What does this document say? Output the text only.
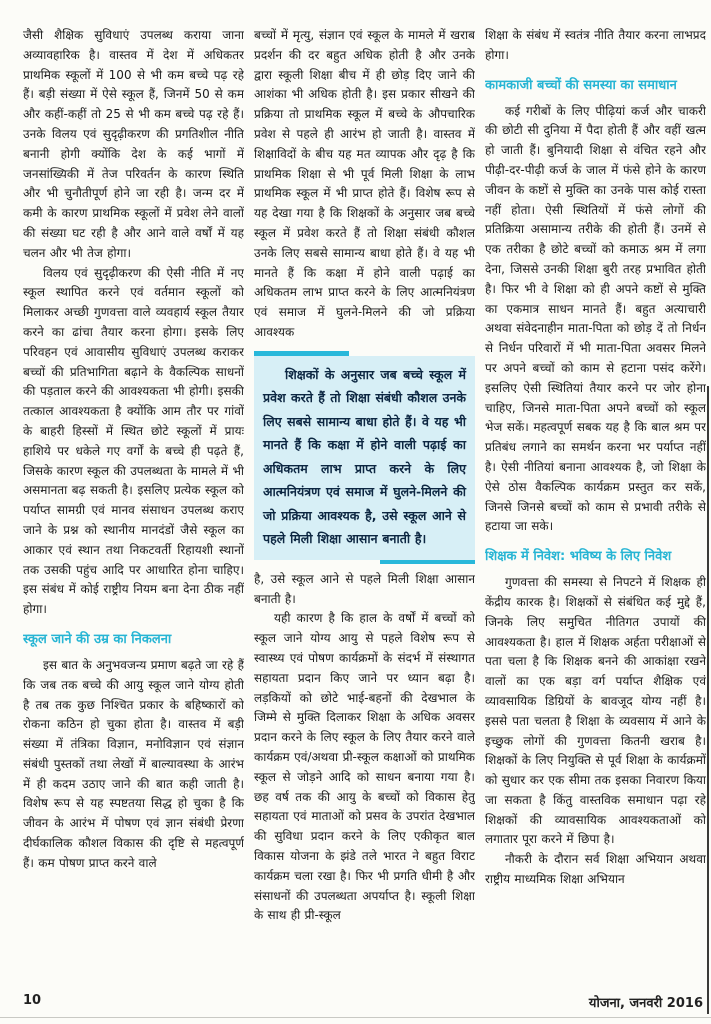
जैसी शैक्षिक सुविधाएं उपलब्ध कराया जाना अव्यावहारिक है। वास्तव में देश में अधिकतर प्राथमिक स्कूलों में 100 से भी कम बच्चे पढ़ रहे हैं। बड़ी संख्या में ऐसे स्कूल हैं, जिनमें 50 से कम और कहीं-कहीं तो 25 से भी कम बच्चे पढ़ रहे हैं। उनके विलय एवं सुदृढ़ीकरण की प्रगतिशील नीति बनानी होगी क्योंकि देश के कई भागों में जनसांख्यिकी में तेज परिवर्तन के कारण स्थिति और भी चुनौतीपूर्ण होने जा रही है। जन्म दर में कमी के कारण प्राथमिक स्कूलों में प्रवेश लेने वालों की संख्या घट रही है और आने वाले वर्षों में यह चलन और भी तेज होगा।

विलय एवं सुदृढ़ीकरण की ऐसी नीति में नए स्कूल स्थापित करने एवं वर्तमान स्कूलों को मिलाकर अच्छी गुणवत्ता वाले व्यवहार्य स्कूल तैयार करने का ढांचा तैयार करना होगा। इसके लिए परिवहन एवं आवासीय सुविधाएं उपलब्ध कराकर बच्चों की प्रतिभागिता बढ़ाने के वैकल्पिक साधनों की पड़ताल करने की आवश्यकता भी होगी। इसकी तत्काल आवश्यकता है क्योंकि आम तौर पर गांवों के बाहरी हिस्सों में स्थित छोटे स्कूलों में प्रायः हाशिये पर धकेले गए वर्गों के बच्चे ही पढ़ते हैं, जिसके कारण स्कूल की उपलब्धता के मामले में भी असमानता बढ़ सकती है। इसलिए प्रत्येक स्कूल को पर्याप्त सामग्री एवं मानव संसाधन उपलब्ध कराए जाने के प्रश्न को स्थानीय मानदंडों जैसे स्कूल का आकार एवं स्थान तथा निकटवर्ती रिहायशी स्थानों तक उसकी पहुंच आदि पर आधारित होना चाहिए। इस संबंध में कोई राष्ट्रीय नियम बना देना ठीक नहीं होगा।

स्कूल जाने की उम्र का निकलना

इस बात के अनुभवजन्य प्रमाण बढ़ते जा रहे हैं कि जब तक बच्चे की आयु स्कूल जाने योग्य होती है तब तक कुछ निश्चित प्रकार के बहिष्कारों को रोकना कठिन हो चुका होता है। वास्तव में बड़ी संख्या में तंत्रिका विज्ञान, मनोविज्ञान एवं संज्ञान संबंधी पुस्तकों तथा लेखों में बाल्यावस्था के आरंभ में ही कदम उठाए जाने की बात कही जाती है। विशेष रूप से यह स्पष्टतया सिद्ध हो चुका है कि जीवन के आरंभ में पोषण एवं ज्ञान संबंधी प्रेरणा दीर्घकालिक कौशल विकास की दृष्टि से महत्वपूर्ण हैं। कम पोषण प्राप्त करने वाले

बच्चों में मृत्यु, संज्ञान एवं स्कूल के मामले में खराब प्रदर्शन की दर बहुत अधिक होती है और उनके द्वारा स्कूली शिक्षा बीच में ही छोड़ दिए जाने की आशंका भी अधिक होती है। इस प्रकार सीखने की प्रक्रिया तो प्राथमिक स्कूल में बच्चे के औपचारिक प्रवेश से पहले ही आरंभ हो जाती है। वास्तव में शिक्षाविदों के बीच यह मत व्यापक और दृढ़ है कि प्राथमिक शिक्षा से भी पूर्व मिली शिक्षा के लाभ प्राथमिक स्कूल में भी प्राप्त होते हैं। विशेष रूप से यह देखा गया है कि शिक्षकों के अनुसार जब बच्चे स्कूल में प्रवेश करते हैं तो शिक्षा संबंधी कौशल उनके लिए सबसे सामान्य बाधा होते हैं। वे यह भी मानते हैं कि कक्षा में होने वाली पढ़ाई का अधिकतम लाभ प्राप्त करने के लिए आत्मनियंत्रण एवं समाज में घुलने-मिलने की जो प्रक्रिया आवश्यक

शिक्षकों के अनुसार जब बच्चे स्कूल में प्रवेश करते हैं तो शिक्षा संबंधी कौशल उनके लिए सबसे सामान्य बाधा होते हैं। वे यह भी मानते हैं कि कक्षा में होने वाली पढ़ाई का अधिकतम लाभ प्राप्त करने के लिए आत्मनियंत्रण एवं समाज में घुलने-मिलने की जो प्रक्रिया आवश्यक है, उसे स्कूल आने से पहले मिली शिक्षा आसान बनाती है।

है, उसे स्कूल आने से पहले मिली शिक्षा आसान बनाती है।

यही कारण है कि हाल के वर्षों में बच्चों को स्कूल जाने योग्य आयु से पहले विशेष रूप से स्वास्थ्य एवं पोषण कार्यक्रमों के संदर्भ में संस्थागत सहायता प्रदान किए जाने पर ध्यान बढ़ा है। लड़कियों को छोटे भाई-बहनों की देखभाल के जिम्मे से मुक्ति दिलाकर शिक्षा के अधिक अवसर प्रदान करने के लिए स्कूल के लिए तैयार करने वाले कार्यक्रम एवं/अथवा प्री-स्कूल कक्षाओं को प्राथमिक स्कूल से जोड़ने आदि को साधन बनाया गया है। छह वर्ष तक की आयु के बच्चों को विकास हेतु सहायता एवं माताओं को प्रसव के उपरांत देखभाल की सुविधा प्रदान करने के लिए एकीकृत बाल विकास योजना के झंडे तले भारत ने बहुत विराट कार्यक्रम चला रखा है। फिर भी प्रगति धीमी है और संसाधनों की उपलब्धता अपर्याप्त है। स्कूली शिक्षा के साथ ही प्री-स्कूल

शिक्षा के संबंध में स्वतंत्र नीति तैयार करना लाभप्रद होगा।

कामकाजी बच्चों की समस्या का समाधान

कई गरीबों के लिए पीढ़ियां कर्ज और चाकरी की छोटी सी दुनिया में पैदा होती हैं और वहीं खत्म हो जाती हैं। बुनियादी शिक्षा से वंचित रहने और पीढ़ी-दर-पीढ़ी कर्ज के जाल में फंसे होने के कारण जीवन के कष्टों से मुक्ति का उनके पास कोई रास्ता नहीं होता। ऐसी स्थितियों में फंसे लोगों की प्रतिक्रिया असामान्य तरीके की होती हैं। उनमें से एक तरीका है छोटे बच्चों को कमाऊ श्रम में लगा देना, जिससे उनकी शिक्षा बुरी तरह प्रभावित होती है। फिर भी वे शिक्षा को ही अपने कष्टों से मुक्ति का एकमात्र साधन मानते हैं। बहुत अत्याचारी अथवा संवेदनाहीन माता-पिता को छोड़ दें तो निर्धन से निर्धन परिवारों में भी माता-पिता अवसर मिलने पर अपने बच्चों को काम से हटाना पसंद करेंगे। इसलिए ऐसी स्थितियां तैयार करने पर जोर होना चाहिए, जिनसे माता-पिता अपने बच्चों को स्कूल भेज सकें। महत्वपूर्ण सबक यह है कि बाल श्रम पर प्रतिबंध लगाने का समर्थन करना भर पर्याप्त नहीं है। ऐसी नीतियां बनाना आवश्यक है, जो शिक्षा के ऐसे ठोस वैकल्पिक कार्यक्रम प्रस्तुत कर सकें, जिनसे जिनसे बच्चों को काम से प्रभावी तरीके से हटाया जा सके।

शिक्षक में निवेश: भविष्य के लिए निवेश

गुणवत्ता की समस्या से निपटने में शिक्षक ही केंद्रीय कारक है। शिक्षकों से संबंधित कई मुद्दे हैं, जिनके लिए समुचित नीतिगत उपायों की आवश्यकता है। हाल में शिक्षक अर्हता परीक्षाओं से पता चला है कि शिक्षक बनने की आकांक्षा रखने वालों का एक बड़ा वर्ग पर्याप्त शैक्षिक एवं व्यावसायिक डिग्रियों के बावजूद योग्य नहीं है। इससे पता चलता है शिक्षा के व्यवसाय में आने के इच्छुक लोगों की गुणवत्ता कितनी खराब है। शिक्षकों के लिए नियुक्ति से पूर्व शिक्षा के कार्यक्रमों को सुधार कर एक सीमा तक इसका निवारण किया जा सकता है किंतु वास्तविक समाधान पढ़ा रहे शिक्षकों की व्यावसायिक आवश्यकताओं को लगातार पूरा करने में छिपा है।

नौकरी के दौरान सर्व शिक्षा अभियान अथवा राष्ट्रीय माध्यमिक शिक्षा अभियान

10	योजना, जनवरी 2016
